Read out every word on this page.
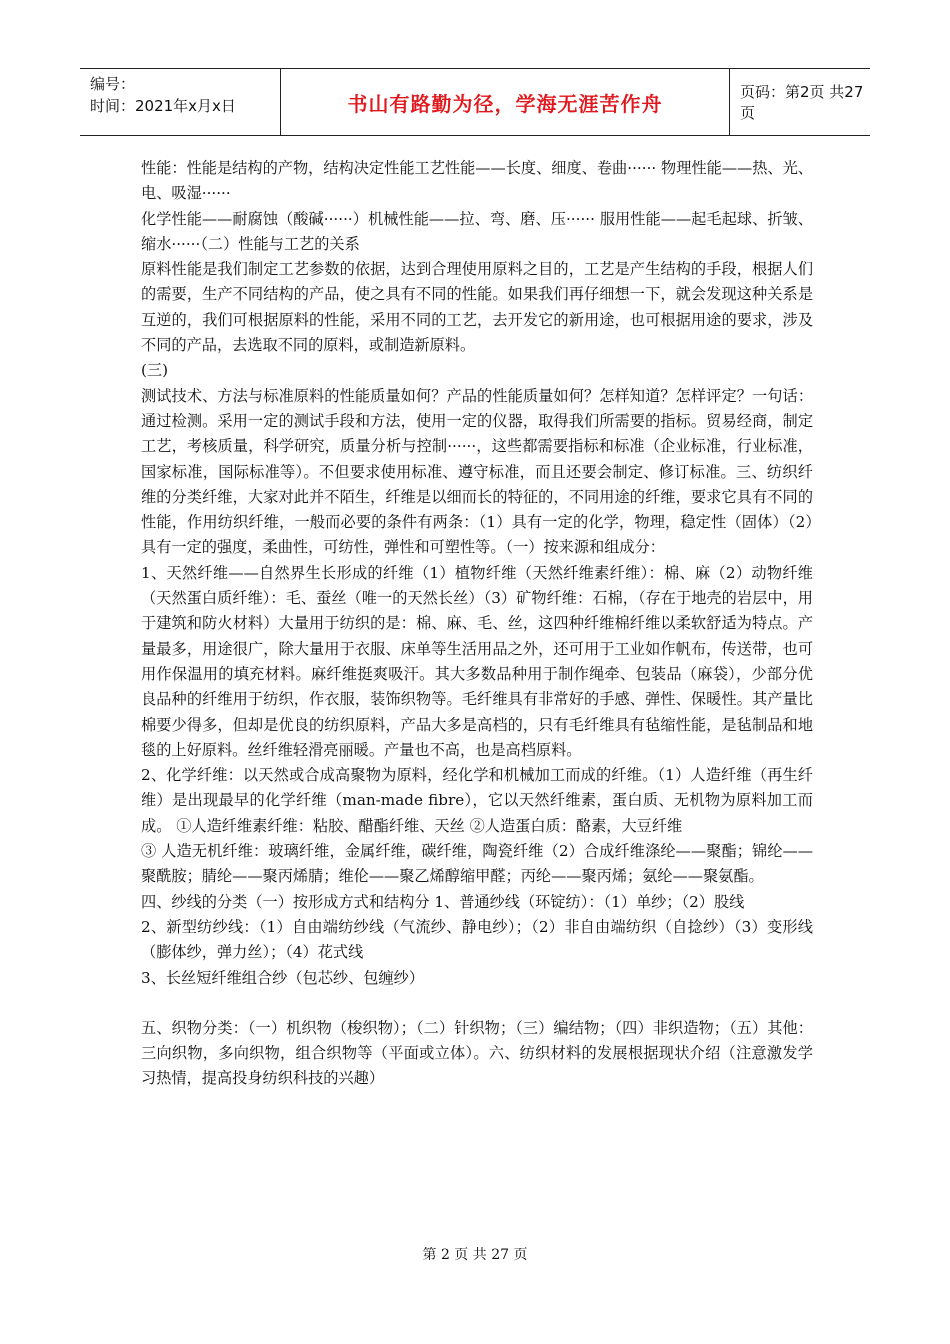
编号：
时间：2021年x月x日	书山有路勤为径，学海无涯苦作舟	页码：第2页 共27页

性能：性能是结构的产物，结构决定性能工艺性能——长度、细度、卷曲······ 物理性能——热、光、电、吸湿······

化学性能——耐腐蚀（酸碱······）机械性能——拉、弯、磨、压······ 服用性能——起毛起球、折皱、缩水······（二）性能与工艺的关系

原料性能是我们制定工艺参数的依据，达到合理使用原料之目的，工艺是产生结构的手段，根据人们的需要，生产不同结构的产品，使之具有不同的性能。如果我们再仔细想一下，就会发现这种关系是互逆的，我们可根据原料的性能，采用不同的工艺，去开发它的新用途，也可根据用途的要求，涉及不同的产品，去选取不同的原料，或制造新原料。

(三)

测试技术、方法与标准原料的性能质量如何？产品的性能质量如何？怎样知道？怎样评定？一句话：通过检测。采用一定的测试手段和方法，使用一定的仪器，取得我们所需要的指标。贸易经商，制定工艺，考核质量，科学研究，质量分析与控制······，这些都需要指标和标准（企业标准，行业标准，国家标准，国际标准等）。不但要求使用标准、遵守标准，而且还要会制定、修订标准。三、纺织纤维的分类纤维，大家对此并不陌生，纤维是以细而长的特征的，不同用途的纤维，要求它具有不同的性能，作用纺织纤维，一般而必要的条件有两条：（1）具有一定的化学，物理，稳定性（固体）（2）具有一定的强度，柔曲性，可纺性，弹性和可塑性等。（一）按来源和组成分：

1、天然纤维——自然界生长形成的纤维（1）植物纤维（天然纤维素纤维）：棉、麻（2）动物纤维（天然蛋白质纤维）：毛、蚕丝（唯一的天然长丝）（3）矿物纤维：石棉，（存在于地壳的岩层中，用于建筑和防火材料）大量用于纺织的是：棉、麻、毛、丝，这四种纤维棉纤维以柔软舒适为特点。产量最多，用途很广，除大量用于衣服、床单等生活用品之外，还可用于工业如作帆布，传送带，也可用作保温用的填充材料。麻纤维挺爽吸汗。其大多数品种用于制作绳牵、包装品（麻袋），少部分优良品种的纤维用于纺织，作衣服，装饰织物等。毛纤维具有非常好的手感、弹性、保暖性。其产量比棉要少得多，但却是优良的纺织原料，产品大多是高档的，只有毛纤维具有毡缩性能，是毡制品和地毯的上好原料。丝纤维轻滑亮丽暖。产量也不高，也是高档原料。

2、化学纤维：以天然或合成高聚物为原料，经化学和机械加工而成的纤维。（1）人造纤维（再生纤维）是出现最早的化学纤维（man-made fibre），它以天然纤维素，蛋白质、无机物为原料加工而成。 ①人造纤维素纤维：粘胶、醋酯纤维、天丝 ②人造蛋白质：酪素，大豆纤维

③ 人造无机纤维：玻璃纤维，金属纤维，碳纤维，陶瓷纤维（2）合成纤维涤纶——聚酯；锦纶——聚酰胺；腈纶——聚丙烯腈；维伦——聚乙烯醇缩甲醛；丙纶——聚丙烯；氨纶——聚氨酯。

四、纱线的分类（一）按形成方式和结构分 1、普通纱线（环锭纺）：（1）单纱；（2）股线

2、新型纺纱线：（1）自由端纺纱线（气流纱、静电纱）；（2）非自由端纺织（自捻纱）（3）变形线（膨体纱，弹力丝）；（4）花式线

3、长丝短纤维组合纱（包芯纱、包缠纱）

五、织物分类：（一）机织物（梭织物）；（二）针织物；（三）编结物；（四）非织造物；（五）其他：三向织物，多向织物，组合织物等（平面或立体）。六、纺织材料的发展根据现状介绍（注意激发学习热情，提高投身纺织科技的兴趣）

第 2 页 共 27 页
